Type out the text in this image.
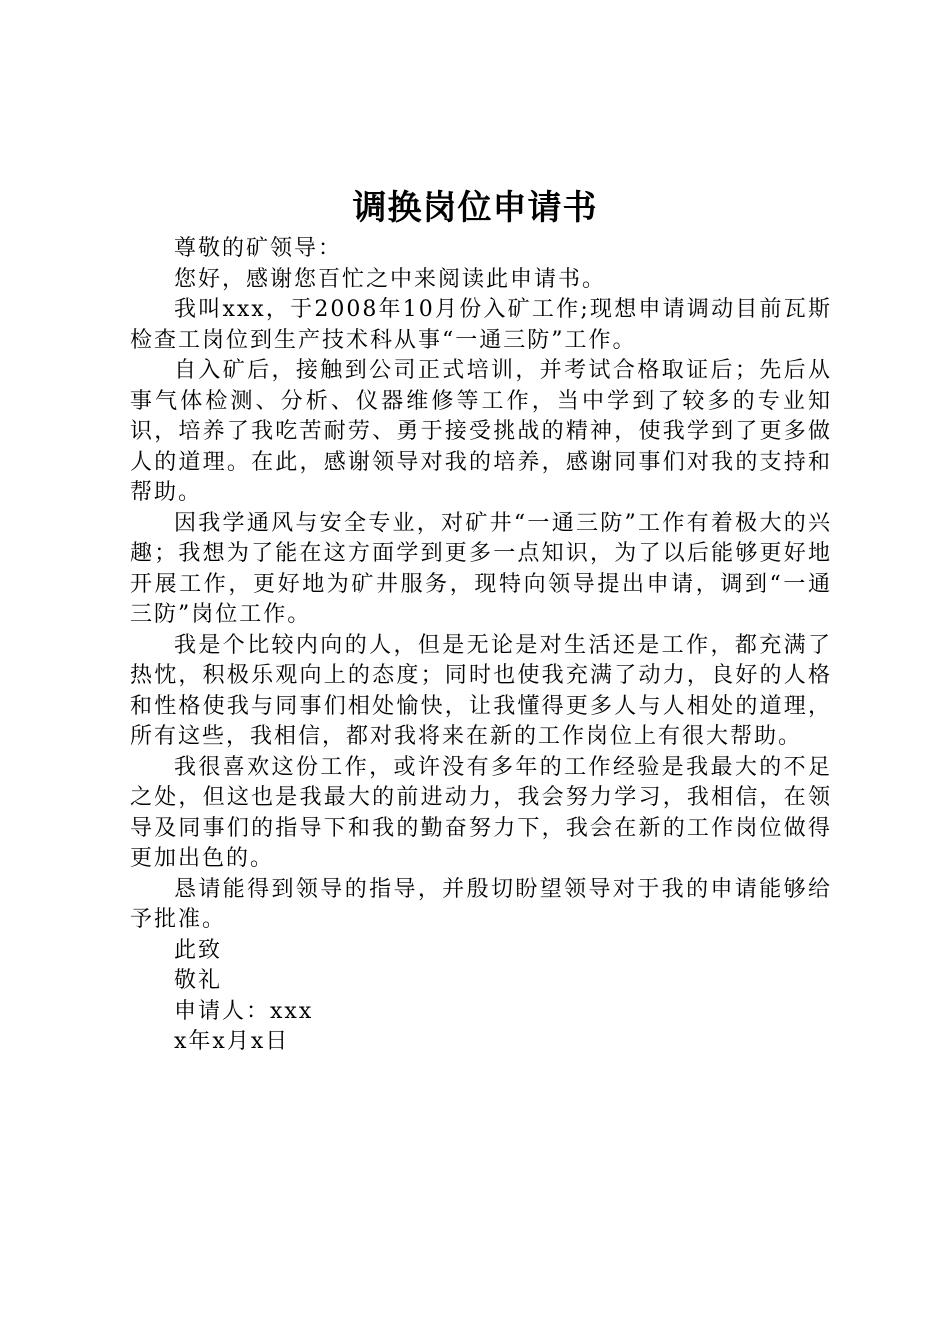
调换岗位申请书

尊敬的矿领导：

您好，感谢您百忙之中来阅读此申请书。

我叫xxx，于2008年10月份入矿工作;现想申请调动目前瓦斯检查工岗位到生产技术科从事“一通三防”工作。

自入矿后，接触到公司正式培训，并考试合格取证后；先后从事气体检测、分析、仪器维修等工作，当中学到了较多的专业知识，培养了我吃苦耐劳、勇于接受挑战的精神，使我学到了更多做人的道理。在此，感谢领导对我的培养，感谢同事们对我的支持和帮助。

因我学通风与安全专业，对矿井“一通三防”工作有着极大的兴趣；我想为了能在这方面学到更多一点知识，为了以后能够更好地开展工作，更好地为矿井服务，现特向领导提出申请，调到“一通三防”岗位工作。

我是个比较内向的人，但是无论是对生活还是工作，都充满了热忱，积极乐观向上的态度；同时也使我充满了动力，良好的人格和性格使我与同事们相处愉快，让我懂得更多人与人相处的道理，所有这些，我相信，都对我将来在新的工作岗位上有很大帮助。

我很喜欢这份工作，或许没有多年的工作经验是我最大的不足之处，但这也是我最大的前进动力，我会努力学习，我相信，在领导及同事们的指导下和我的勤奋努力下，我会在新的工作岗位做得更加出色的。

恳请能得到领导的指导，并殷切盼望领导对于我的申请能够给予批准。

此致

敬礼

申请人：xxx

x年x月x日
